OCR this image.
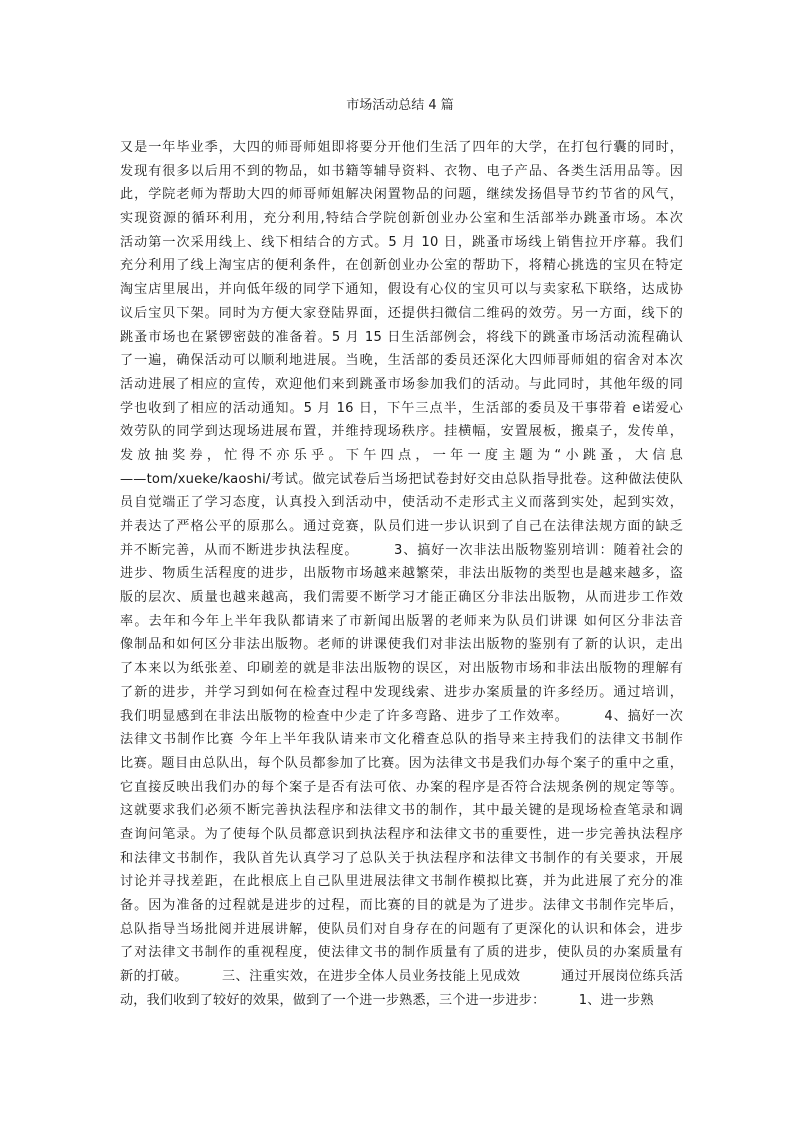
市场活动总结 4 篇
又是一年毕业季，大四的师哥师姐即将要分开他们生活了四年的大学，在打包行囊的同时，
发现有很多以后用不到的物品，如书籍等辅导资料、衣物、电子产品、各类生活用品等。因
此，学院老师为帮助大四的师哥师姐解决闲置物品的问题，继续发扬倡导节约节省的风气，
实现资源的循环利用，充分利用,特结合学院创新创业办公室和生活部举办跳蚤市场。本次
活动第一次采用线上、线下相结合的方式。5 月 10 日，跳蚤市场线上销售拉开序幕。我们
充分利用了线上淘宝店的便利条件，在创新创业办公室的帮助下，将精心挑选的宝贝在特定
淘宝店里展出，并向低年级的同学下通知，假设有心仪的宝贝可以与卖家私下联络，达成协
议后宝贝下架。同时为方便大家登陆界面，还提供扫微信二维码的效劳。另一方面，线下的
跳蚤市场也在紧锣密鼓的准备着。5 月 15 日生活部例会，将线下的跳蚤市场活动流程确认
了一遍，确保活动可以顺利地进展。当晚，生活部的委员还深化大四师哥师姐的宿舍对本次
活动进展了相应的宣传，欢迎他们来到跳蚤市场参加我们的活动。与此同时，其他年级的同
学也收到了相应的活动通知。5 月 16 日，下午三点半，生活部的委员及干事带着 e诺爱心
效劳队的同学到达现场进展布置，并维持现场秩序。挂横幅，安置展板，搬桌子，发传单，
发放抽奖券，忙得不亦乐乎。下午四点，一年一度主题为“小跳蚤，大信息
——tom/xueke/kaoshi/考试。做完试卷后当场把试卷封好交由总队指导批卷。这种做法使队
员自觉端正了学习态度，认真投入到活动中，使活动不走形式主义而落到实处，起到实效，
并表达了严格公平的原那么。通过竞赛，队员们进一步认识到了自己在法律法规方面的缺乏
并不断完善，从而不断进步执法程度。　　　3、搞好一次非法出版物鉴别培训：随着社会的
进步、物质生活程度的进步，出版物市场越来越繁荣，非法出版物的类型也是越来越多，盗
版的层次、质量也越来越高，我们需要不断学习才能正确区分非法出版物，从而进步工作效
率。去年和今年上半年我队都请来了市新闻出版署的老师来为队员们讲课 如何区分非法音
像制品和如何区分非法出版物。老师的讲课使我们对非法出版物的鉴别有了新的认识，走出
了本来以为纸张差、印刷差的就是非法出版物的误区，对出版物市场和非法出版物的理解有
了新的进步，并学习到如何在检查过程中发现线索、进步办案质量的许多经历。通过培训，
我们明显感到在非法出版物的检查中少走了许多弯路、进步了工作效率。　　　4、搞好一次
法律文书制作比赛 今年上半年我队请来市文化稽查总队的指导来主持我们的法律文书制作
比赛。题目由总队出，每个队员都参加了比赛。因为法律文书是我们办每个案子的重中之重，
它直接反映出我们办的每个案子是否有法可依、办案的程序是否符合法规条例的规定等等。
这就要求我们必须不断完善执法程序和法律文书的制作，其中最关键的是现场检查笔录和调
查询问笔录。为了使每个队员都意识到执法程序和法律文书的重要性，进一步完善执法程序
和法律文书制作，我队首先认真学习了总队关于执法程序和法律文书制作的有关要求，开展
讨论并寻找差距，在此根底上自己队里进展法律文书制作模拟比赛，并为此进展了充分的准
备。因为准备的过程就是进步的过程，而比赛的目的就是为了进步。法律文书制作完毕后，
总队指导当场批阅并进展讲解，使队员们对自身存在的问题有了更深化的认识和体会，进步
了对法律文书制作的重视程度，使法律文书的制作质量有了质的进步，使队员的办案质量有
新的打破。　　　三、注重实效，在进步全体人员业务技能上见成效　　　通过开展岗位练兵活
动，我们收到了较好的效果，做到了一个进一步熟悉，三个进一步进步：　　　1、进一步熟
